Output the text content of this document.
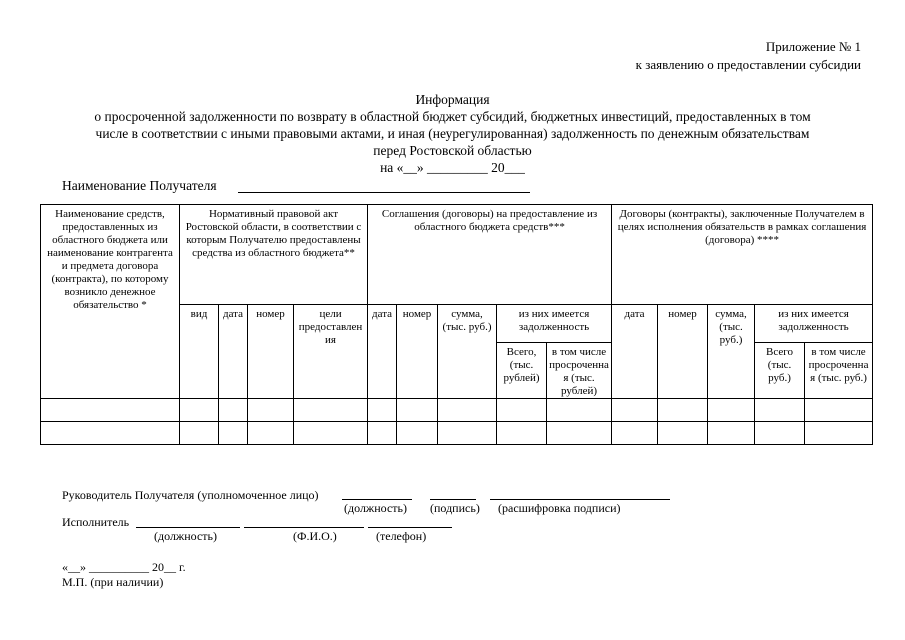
Приложение № 1
к заявлению о предоставлении субсидии
Информация
о просроченной задолженности по возврату в областной бюджет субсидий, бюджетных инвестиций, предоставленных в том
числе в соответствии с иными правовыми актами, и иная (неурегулированная) задолженность по денежным обязательствам
перед Ростовской областью
на «__» _________ 20___
Наименование Получателя
Наименование средств, предоставленных из областного бюджета или наименование контрагента и предмета договора (контракта), по которому возникло денежное обязательство *	Нормативный правовой акт Ростовской области, в соответствии с которым Получателю предоставлены средства из областного бюджета**				Соглашения (договоры) на предоставление из областного бюджета средств***					Договоры (контракты), заключенные Получателем в целях исполнения обязательств в рамках соглашения (договора) ****				
	вид	дата	номер	цели предоставления	дата	номер	сумма, (тыс. руб.)	из них имеется задолженность		дата	номер	сумма, (тыс. руб.)	из них имеется задолженность	
								Всего, (тыс. рублей)	в том числе просроченная (тыс. рублей)				Всего (тыс. руб.)	в том числе просроченная (тыс. руб.)

Руководитель Получателя (уполномоченное лицо)
(должность) (подпись) (расшифровка подписи)
Исполнитель
(должность)	(Ф.И.О.)	(телефон)
«__» __________ 20__ г.
М.П. (при наличии)
